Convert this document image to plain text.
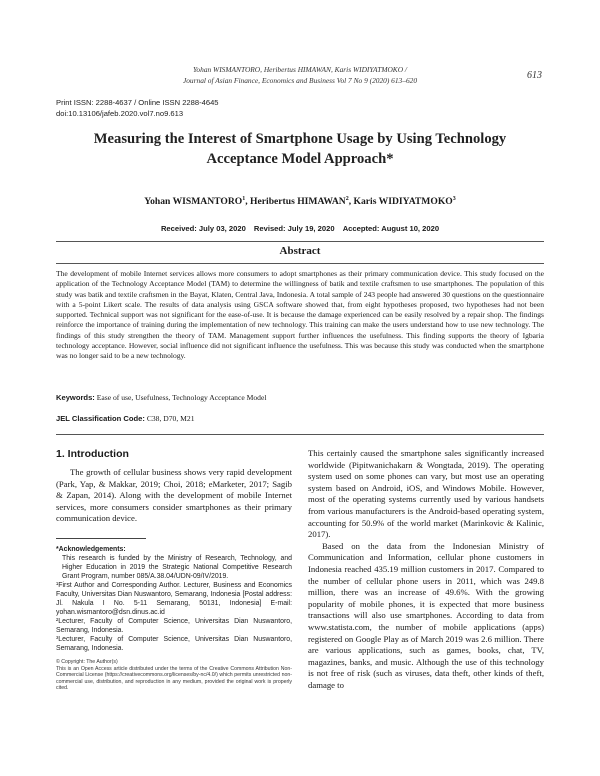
Yohan WISMANTORO, Heribertus HIMAWAN, Karis WIDIYATMOKO /
Journal of Asian Finance, Economics and Business Vol 7 No 9 (2020) 613–620	613
Print ISSN: 2288-4637 / Online ISSN 2288-4645
doi:10.13106/jafeb.2020.vol7.no9.613
Measuring the Interest of Smartphone Usage by Using Technology
Acceptance Model Approach*
Yohan WISMANTORO$^1$, Heribertus HIMAWAN$^2$, Karis WIDIYATMOKO$^3$
Received: July 03, 2020 Revised: July 19, 2020 Accepted: August 10, 2020
Abstract
The development of mobile Internet services allows more consumers to adopt smartphones as their primary communication device. This study focused on the application of the Technology Acceptance Model (TAM) to determine the willingness of batik and textile craftsmen to use smartphones. The population of this study was batik and textile craftsmen in the Bayat, Klaten, Central Java, Indonesia. A total sample of 243 people had answered 30 questions on the questionnaire with a 5-point Likert scale. The results of data analysis using GSCA software showed that, from eight hypotheses proposed, two hypotheses had not been supported. Technical support was not significant for the ease-of-use. It is because the damage experienced can be easily resolved by a repair shop. The findings reinforce the importance of training during the implementation of new technology. This training can make the users understand how to use new technology. The findings of this study strengthen the theory of TAM. Management support further influences the usefulness. This finding supports the theory of Igbaria technology acceptance. However, social influence did not significant influence the usefulness. This was because this study was conducted when the smartphone was no longer said to be a new technology.
Keywords: Ease of use, Usefulness, Technology Acceptance Model
JEL Classification Code: C38, D70, M21
1. Introduction

The growth of cellular business shows very rapid development (Park, Yap, & Makkar, 2019; Choi, 2018; eMarketer, 2017; Sagib & Zapan, 2014). Along with the development of mobile Internet services, more consumers consider smartphones as their primary communication device.

*Acknowledgements:

This research is funded by the Ministry of Research, Technology, and Higher Education in 2019 the Strategic National Competitive Research Grant Program, number 085/A.38.04/UDN-09/IV/2019.

¹First Author and Corresponding Author. Lecturer, Business and Economics Faculty, Universitas Dian Nuswantoro, Semarang, Indonesia [Postal address: Jl. Nakula I No. 5-11 Semarang, 50131, Indonesia] E-mail: yohan.wismantoro@dsn.dinus.ac.id

²Lecturer, Faculty of Computer Science, Universitas Dian Nuswantoro, Semarang, Indonesia.

³Lecturer, Faculty of Computer Science, Universitas Dian Nuswantoro, Semarang, Indonesia.

© Copyright: The Author(s)

This is an Open Access article distributed under the terms of the Creative Commons Attribution Non-Commercial License (https://creativecommons.org/licenses/by-nc/4.0/) which permits unrestricted non-commercial use, distribution, and reproduction in any medium, provided the original work is properly cited.

This certainly caused the smartphone sales significantly increased worldwide (Pipitwanichakarn & Wongtada, 2019). The operating system used on some phones can vary, but most use an operating system based on Android, iOS, and Windows Mobile. However, most of the operating systems currently used by various handsets from various manufacturers is the Android-based operating system, accounting for 50.9% of the world market (Marinkovic & Kalinic, 2017).

Based on the data from the Indonesian Ministry of Communication and Information, cellular phone customers in Indonesia reached 435.19 million customers in 2017. Compared to the number of cellular phone users in 2011, which was 249.8 million, there was an increase of 49.6%. With the growing popularity of mobile phones, it is expected that more business transactions will also use smartphones. According to data from www.statista.com, the number of mobile applications (apps) registered on Google Play as of March 2019 was 2.6 million. There are various applications, such as games, books, chat, TV, magazines, banks, and music. Although the use of this technology is not free of risk (such as viruses, data theft, other kinds of theft, damage to
